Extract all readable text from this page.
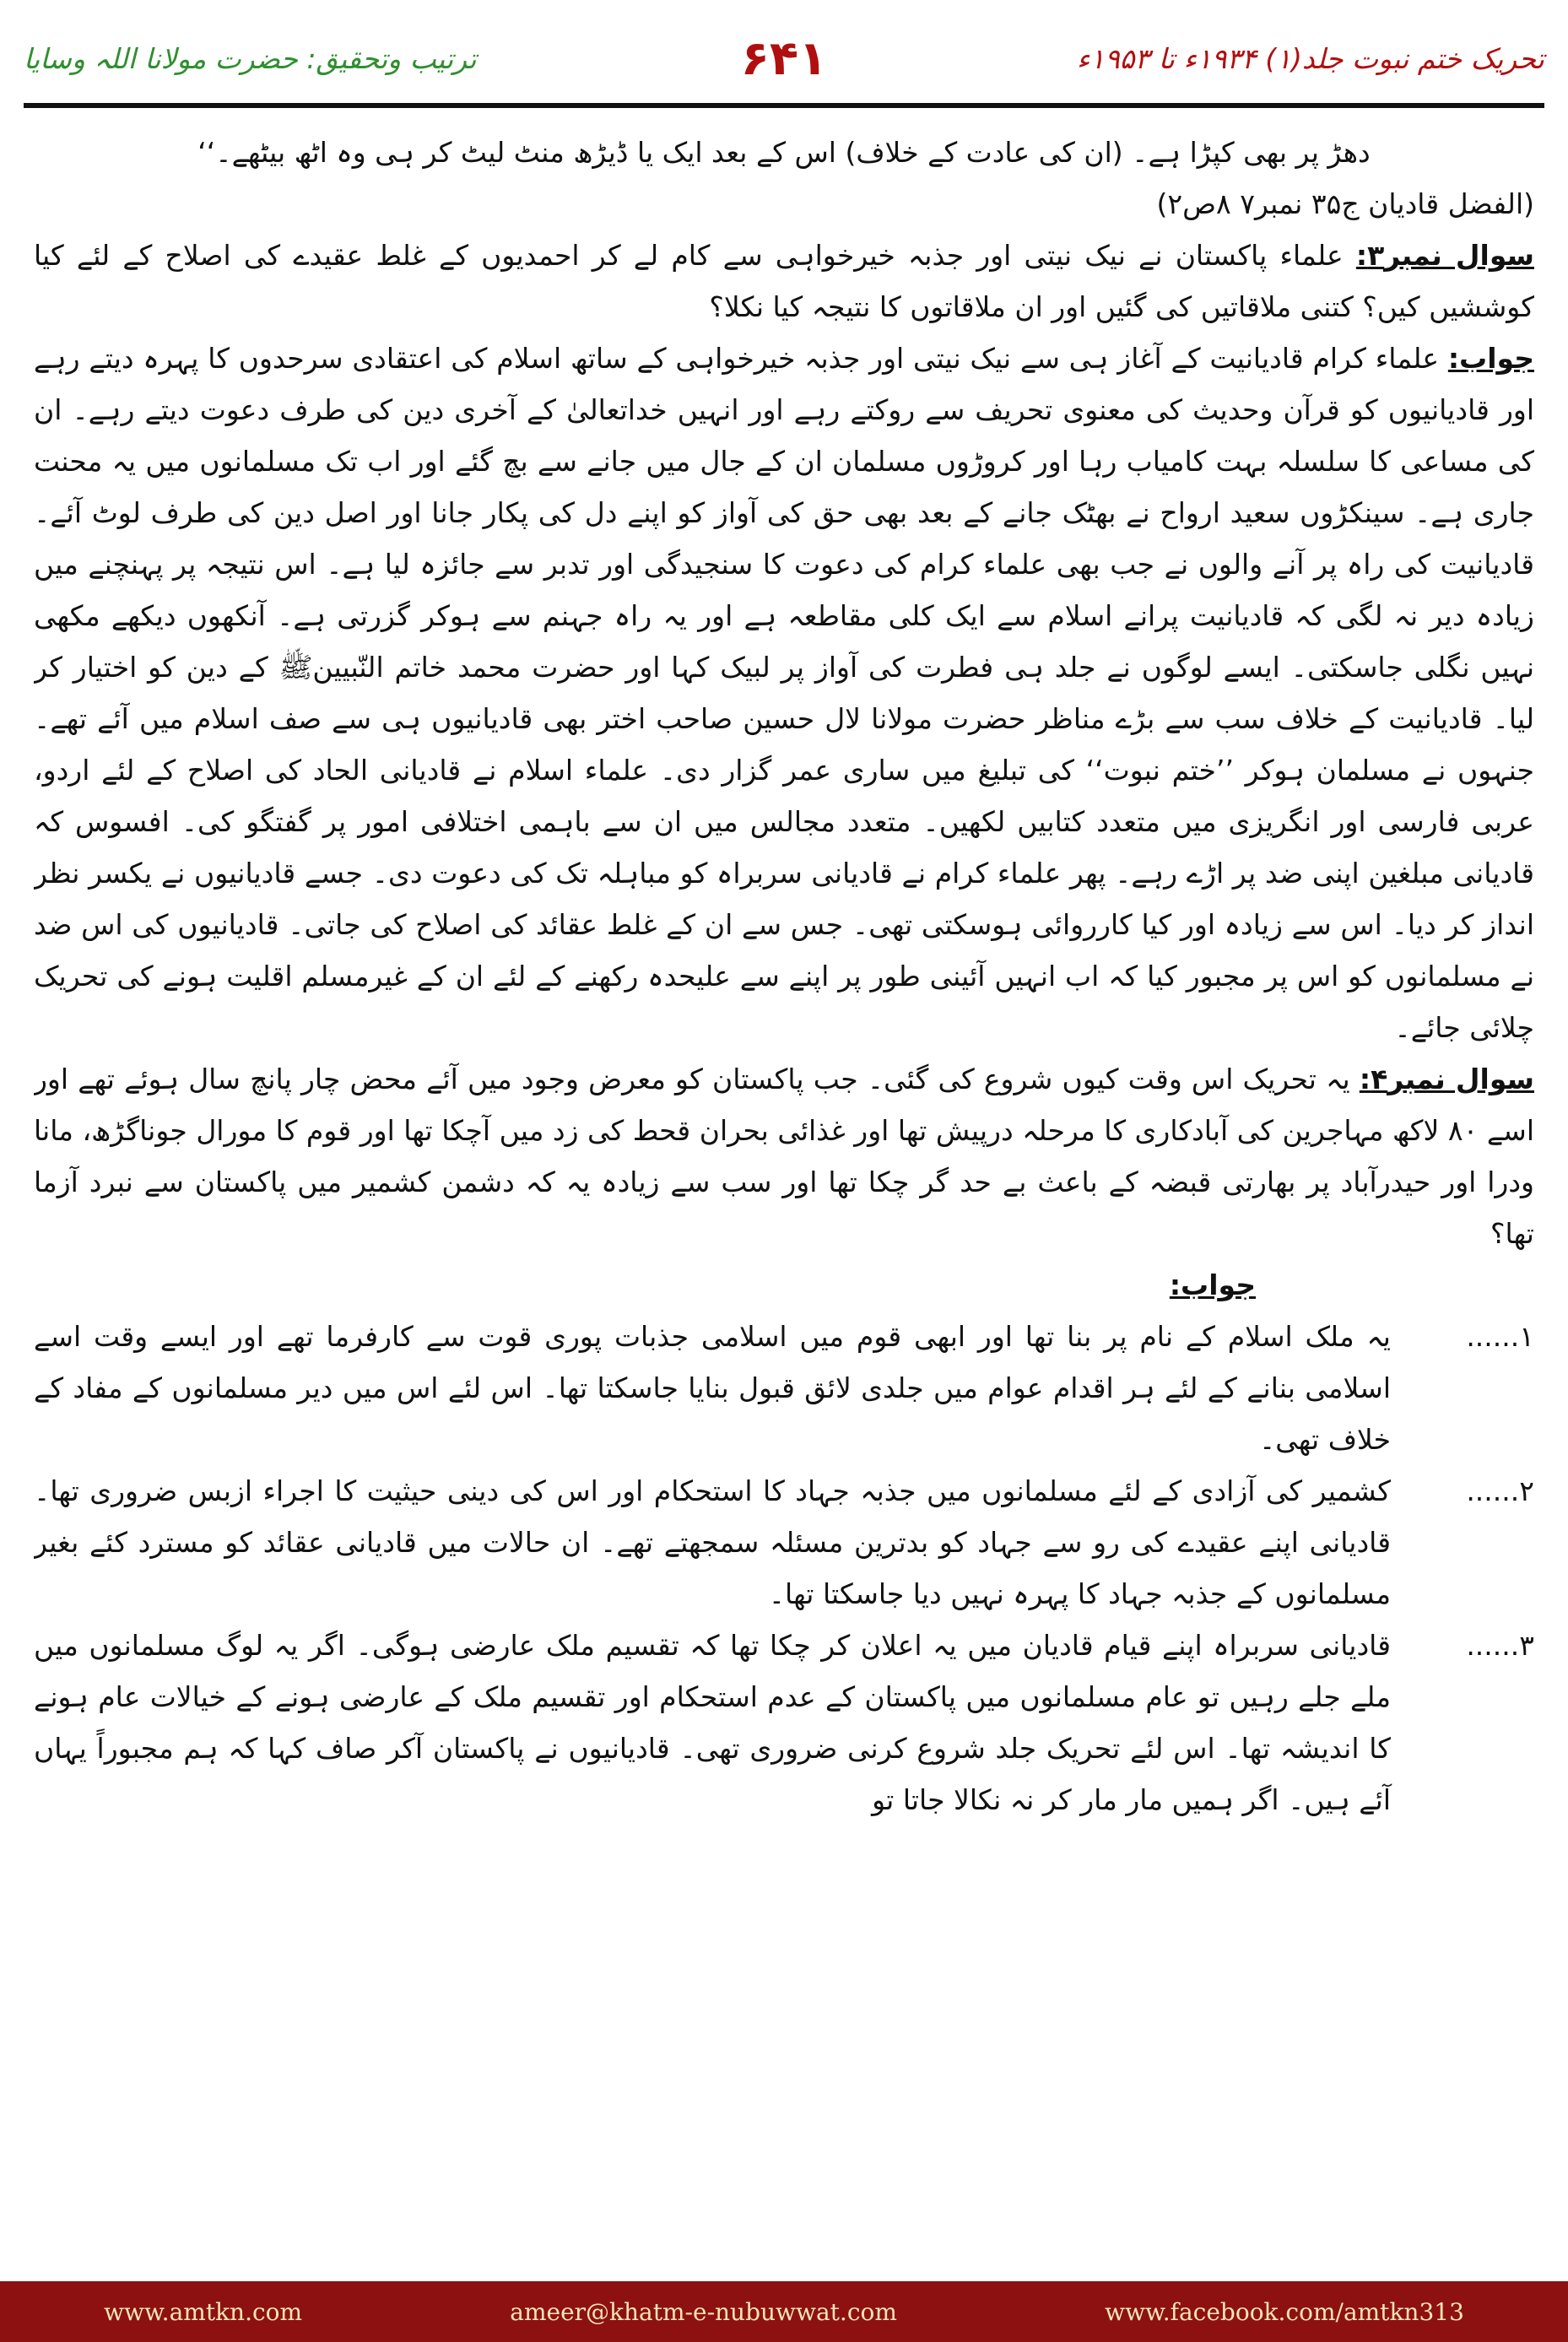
تحریک ختم نبوت جلد(۱) ۱۹۳۴ء تا ۱۹۵۳ء
۶۴۱
ترتیب وتحقیق: حضرت مولانا اللہ وسایا

دھڑ پر بھی کپڑا ہے۔ (ان کی عادت کے خلاف) اس کے بعد ایک یا ڈیڑھ منٹ لیٹ کر ہی وہ اٹھ بیٹھے۔‘‘

(الفضل قادیان ج۳۵ نمبر۷ ۸ص۲)

سوال نمبر۳: علماء پاکستان نے نیک نیتی اور جذبہ خیرخواہی سے کام لے کر احمدیوں کے غلط عقیدے کی اصلاح کے لئے کیا کوششیں کیں؟ کتنی ملاقاتیں کی گئیں اور ان ملاقاتوں کا نتیجہ کیا نکلا؟

جواب: علماء کرام قادیانیت کے آغاز ہی سے نیک نیتی اور جذبہ خیرخواہی کے ساتھ اسلام کی اعتقادی سرحدوں کا پہرہ دیتے رہے اور قادیانیوں کو قرآن وحدیث کی معنوی تحریف سے روکتے رہے اور انہیں خداتعالیٰ کے آخری دین کی طرف دعوت دیتے رہے۔ ان کی مساعی کا سلسلہ بہت کامیاب رہا اور کروڑوں مسلمان ان کے جال میں جانے سے بچ گئے اور اب تک مسلمانوں میں یہ محنت جاری ہے۔ سینکڑوں سعید ارواح نے بھٹک جانے کے بعد بھی حق کی آواز کو اپنے دل کی پکار جانا اور اصل دین کی طرف لوٹ آئے۔ قادیانیت کی راہ پر آنے والوں نے جب بھی علماء کرام کی دعوت کا سنجیدگی اور تدبر سے جائزہ لیا ہے۔ اس نتیجہ پر پہنچنے میں زیادہ دیر نہ لگی کہ قادیانیت پرانے اسلام سے ایک کلی مقاطعہ ہے اور یہ راہ جہنم سے ہوکر گزرتی ہے۔ آنکھوں دیکھے مکھی نہیں نگلی جاسکتی۔ ایسے لوگوں نے جلد ہی فطرت کی آواز پر لبیک کہا اور حضرت محمد خاتم النّبیینﷺ کے دین کو اختیار کر لیا۔ قادیانیت کے خلاف سب سے بڑے مناظر حضرت مولانا لال حسین صاحب اختر بھی قادیانیوں ہی سے صف اسلام میں آئے تھے۔ جنہوں نے مسلمان ہوکر ’’ختم نبوت‘‘ کی تبلیغ میں ساری عمر گزار دی۔ علماء اسلام نے قادیانی الحاد کی اصلاح کے لئے اردو، عربی فارسی اور انگریزی میں متعدد کتابیں لکھیں۔ متعدد مجالس میں ان سے باہمی اختلافی امور پر گفتگو کی۔ افسوس کہ قادیانی مبلغین اپنی ضد پر اڑے رہے۔ پھر علماء کرام نے قادیانی سربراہ کو مباہلہ تک کی دعوت دی۔ جسے قادیانیوں نے یکسر نظر انداز کر دیا۔ اس سے زیادہ اور کیا کارروائی ہوسکتی تھی۔ جس سے ان کے غلط عقائد کی اصلاح کی جاتی۔ قادیانیوں کی اس ضد نے مسلمانوں کو اس پر مجبور کیا کہ اب انہیں آئینی طور پر اپنے سے علیحدہ رکھنے کے لئے ان کے غیرمسلم اقلیت ہونے کی تحریک چلائی جائے۔

سوال نمبر۴: یہ تحریک اس وقت کیوں شروع کی گئی۔ جب پاکستان کو معرض وجود میں آئے محض چار پانچ سال ہوئے تھے اور اسے ۸۰ لاکھ مہاجرین کی آبادکاری کا مرحلہ درپیش تھا اور غذائی بحران قحط کی زد میں آچکا تھا اور قوم کا مورال جوناگڑھ، مانا ودرا اور حیدرآباد پر بھارتی قبضہ کے باعث بے حد گر چکا تھا اور سب سے زیادہ یہ کہ دشمن کشمیر میں پاکستان سے نبرد آزما تھا؟

جواب:

۱......
یہ ملک اسلام کے نام پر بنا تھا اور ابھی قوم میں اسلامی جذبات پوری قوت سے کارفرما تھے اور ایسے وقت اسے اسلامی بنانے کے لئے ہر اقدام عوام میں جلدی لائق قبول بنایا جاسکتا تھا۔ اس لئے اس میں دیر مسلمانوں کے مفاد کے خلاف تھی۔
۲......
کشمیر کی آزادی کے لئے مسلمانوں میں جذبہ جہاد کا استحکام اور اس کی دینی حیثیت کا اجراء ازبس ضروری تھا۔ قادیانی اپنے عقیدے کی رو سے جہاد کو بدترین مسئلہ سمجھتے تھے۔ ان حالات میں قادیانی عقائد کو مسترد کئے بغیر مسلمانوں کے جذبہ جہاد کا پہرہ نہیں دیا جاسکتا تھا۔
۳......
قادیانی سربراہ اپنے قیام قادیان میں یہ اعلان کر چکا تھا کہ تقسیم ملک عارضی ہوگی۔ اگر یہ لوگ مسلمانوں میں ملے جلے رہیں تو عام مسلمانوں میں پاکستان کے عدم استحکام اور تقسیم ملک کے عارضی ہونے کے خیالات عام ہونے کا اندیشہ تھا۔ اس لئے تحریک جلد شروع کرنی ضروری تھی۔ قادیانیوں نے پاکستان آکر صاف کہا کہ ہم مجبوراً یہاں آئے ہیں۔ اگر ہمیں مار مار کر نہ نکالا جاتا تو
www.amtkn.com	ameer@khatm-e-nubuwwat.com	www.facebook.com/amtkn313
